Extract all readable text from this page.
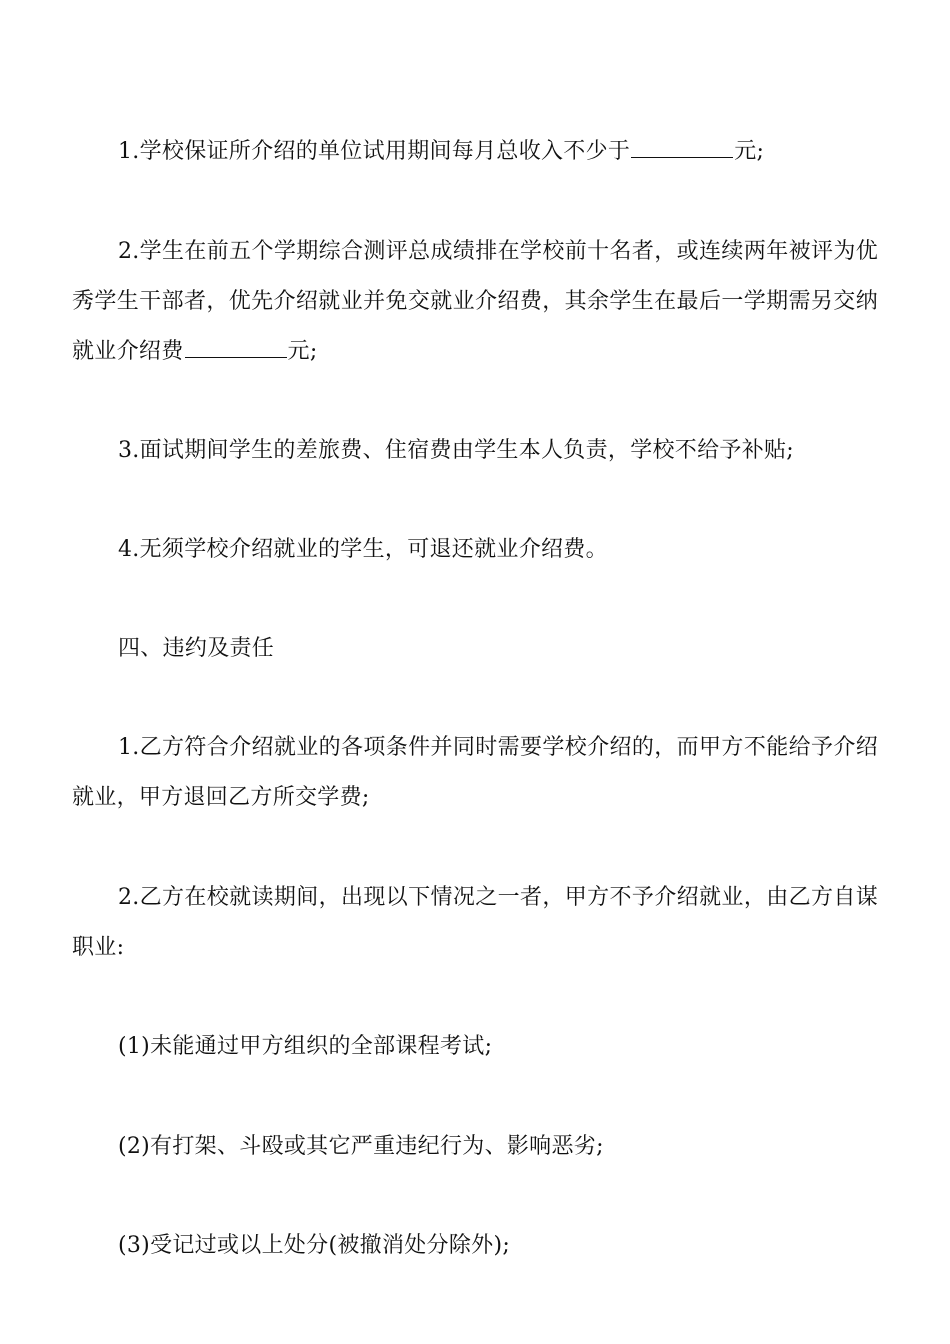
1.学校保证所介绍的单位试用期间每月总收入不少于	元;

2.学生在前五个学期综合测评总成绩排在学校前十名者，或连续两年被评为优秀学生干部者，优先介绍就业并免交就业介绍费，其余学生在最后一学期需另交纳就业介绍费	元;

3.面试期间学生的差旅费、住宿费由学生本人负责，学校不给予补贴;

4.无须学校介绍就业的学生，可退还就业介绍费。

四、违约及责任

1.乙方符合介绍就业的各项条件并同时需要学校介绍的，而甲方不能给予介绍就业，甲方退回乙方所交学费;

2.乙方在校就读期间，出现以下情况之一者，甲方不予介绍就业，由乙方自谋职业:

(1)未能通过甲方组织的全部课程考试;

(2)有打架、斗殴或其它严重违纪行为、影响恶劣;

(3)受记过或以上处分(被撤消处分除外);
